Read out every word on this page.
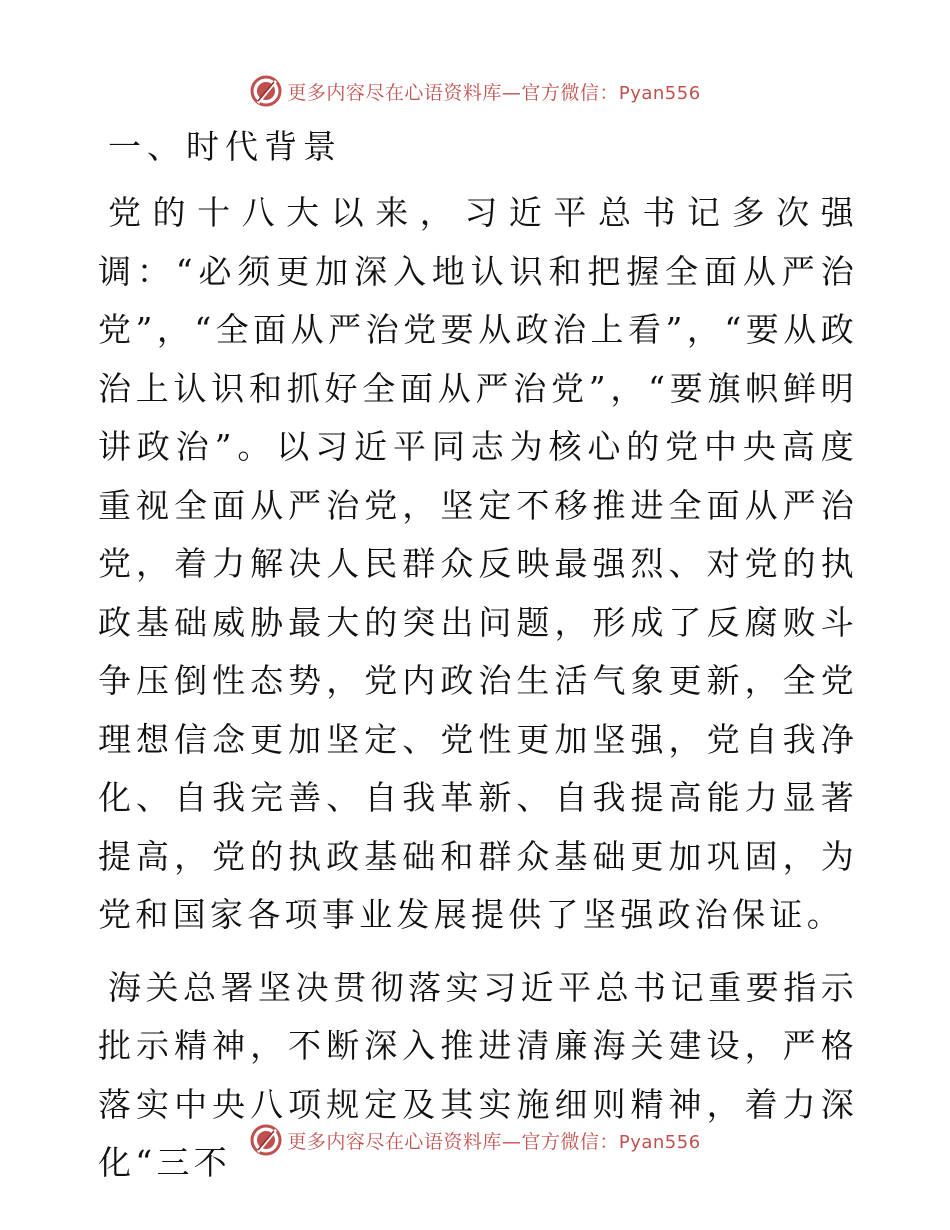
更多内容尽在心语资料库—官方微信：Pyan556
一、时代背景

党的十八大以来，习近平总书记多次强调：“必须更加深入地认识和把握全面从严治党”，“全面从严治党要从政治上看”，“要从政治上认识和抓好全面从严治党”，“要旗帜鲜明讲政治”。以习近平同志为核心的党中央高度重视全面从严治党，坚定不移推进全面从严治党，着力解决人民群众反映最强烈、对党的执政基础威胁最大的突出问题，形成了反腐败斗争压倒性态势，党内政治生活气象更新，全党理想信念更加坚定、党性更加坚强，党自我净化、自我完善、自我革新、自我提高能力显著提高，党的执政基础和群众基础更加巩固，为党和国家各项事业发展提供了坚强政治保证。

海关总署坚决贯彻落实习近平总书记重要指示批示精神，不断深入推进清廉海关建设，严格落实中央八项规定及其实施细则精神，着力深化“三不

更多内容尽在心语资料库—官方微信：Pyan556
